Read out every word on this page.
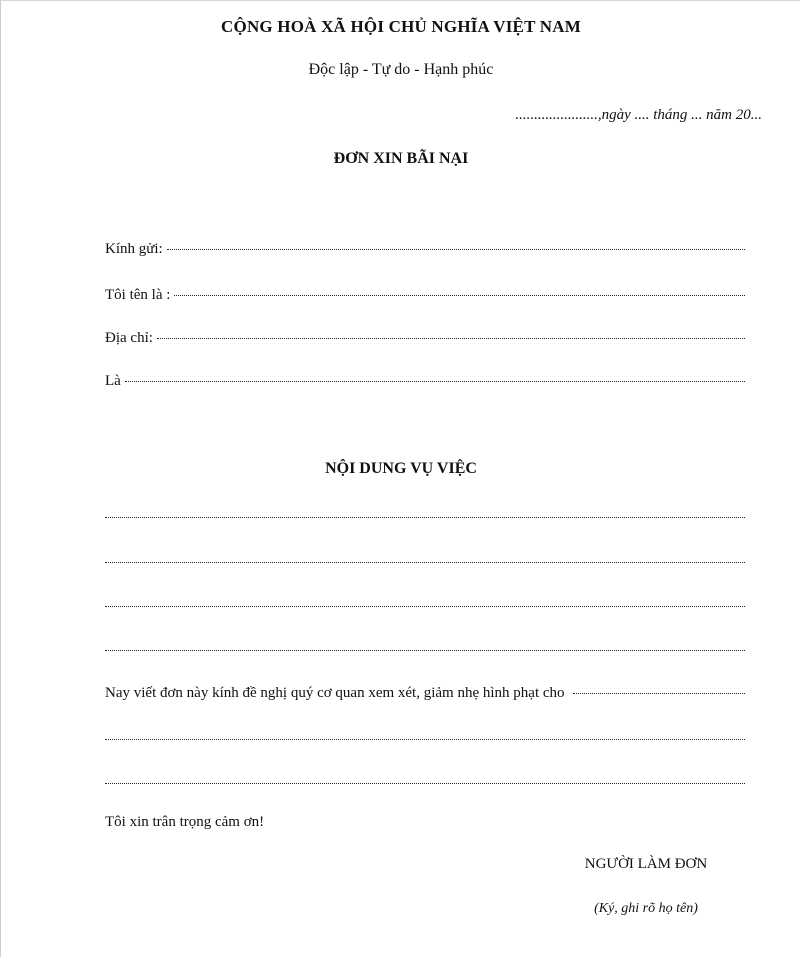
CỘNG HOÀ XÃ HỘI CHỦ NGHĨA VIỆT NAM
Độc lập - Tự do - Hạnh phúc
......................,ngày .... tháng ... năm 20...
ĐƠN XIN BÃI NẠI
Kính gửi:
Tôi tên là :
Địa chỉ:
Là
NỘI DUNG VỤ VIỆC
Nay viết đơn này kính đề nghị quý cơ quan xem xét, giảm nhẹ hình phạt cho
Tôi xin trân trọng cảm ơn!
NGƯỜI LÀM ĐƠN
(Ký, ghi rõ họ tên)
